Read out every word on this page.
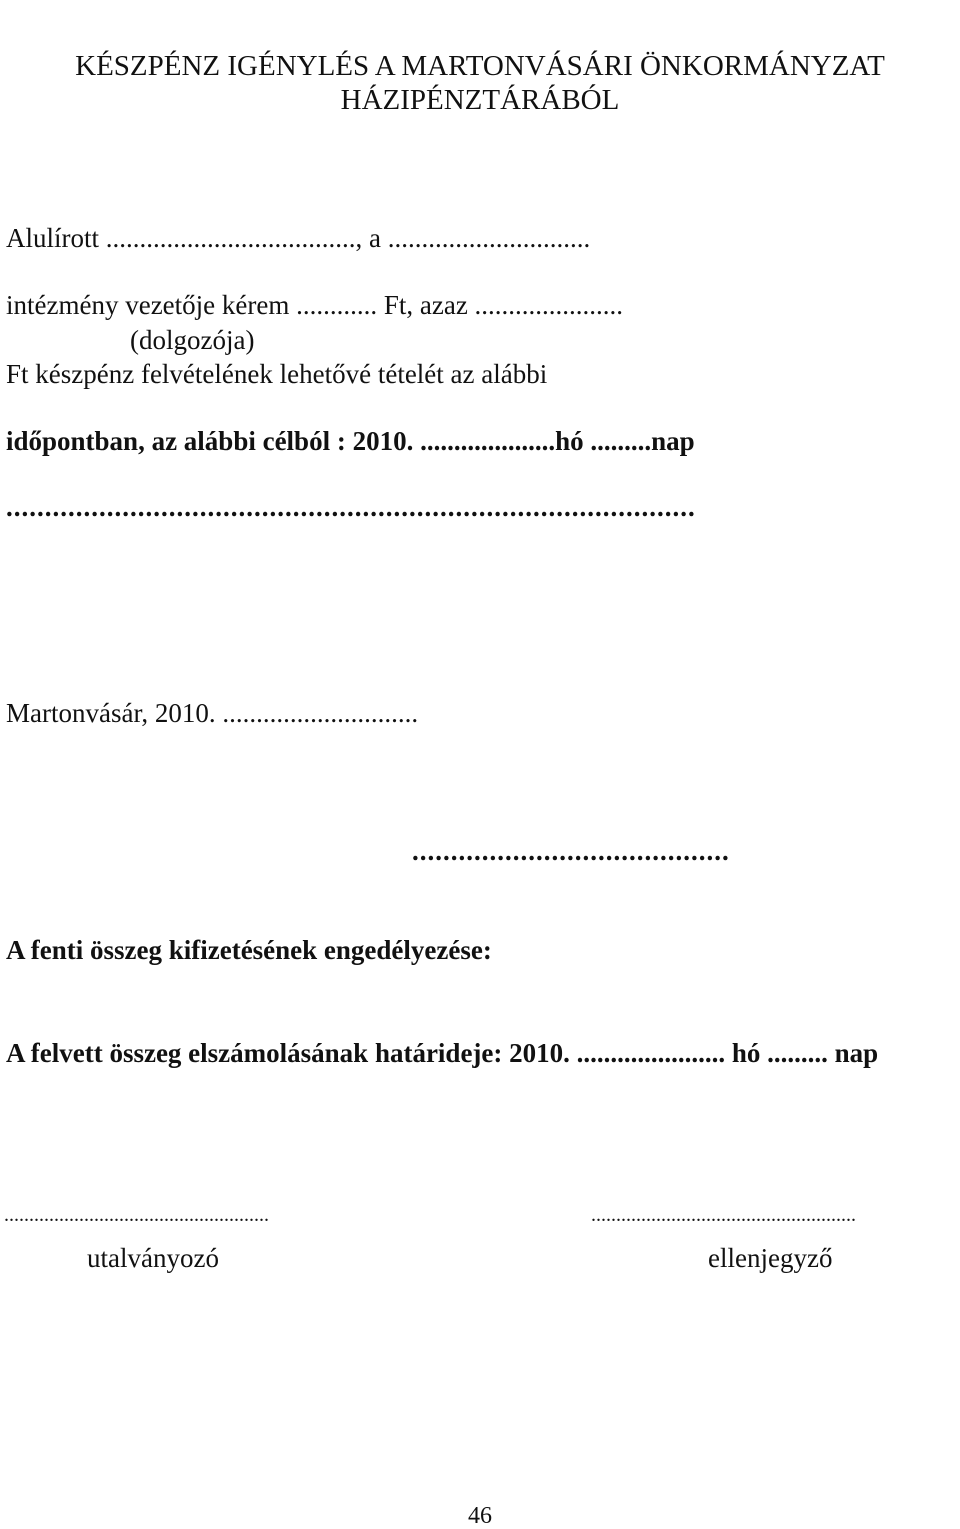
KÉSZPÉNZ IGÉNYLÉS A MARTONVÁSÁRI ÖNKORMÁNYZAT
HÁZIPÉNZTÁRÁBÓL
Alulírott ....................................., a ..............................
intézmény vezetője kérem ............ Ft, azaz ......................
(dolgozója)
Ft készpénz felvételének lehetővé tételét az alábbi
időpontban, az alábbi célból : 2010. ....................hó .........nap
.........................................................................................
Martonvásár, 2010. .............................
.........................................
A fenti összeg kifizetésének engedélyezése:
A felvett összeg elszámolásának határideje: 2010. ...................... hó ......... nap
.....................................................
utalványozó
.....................................................
ellenjegyző
46
